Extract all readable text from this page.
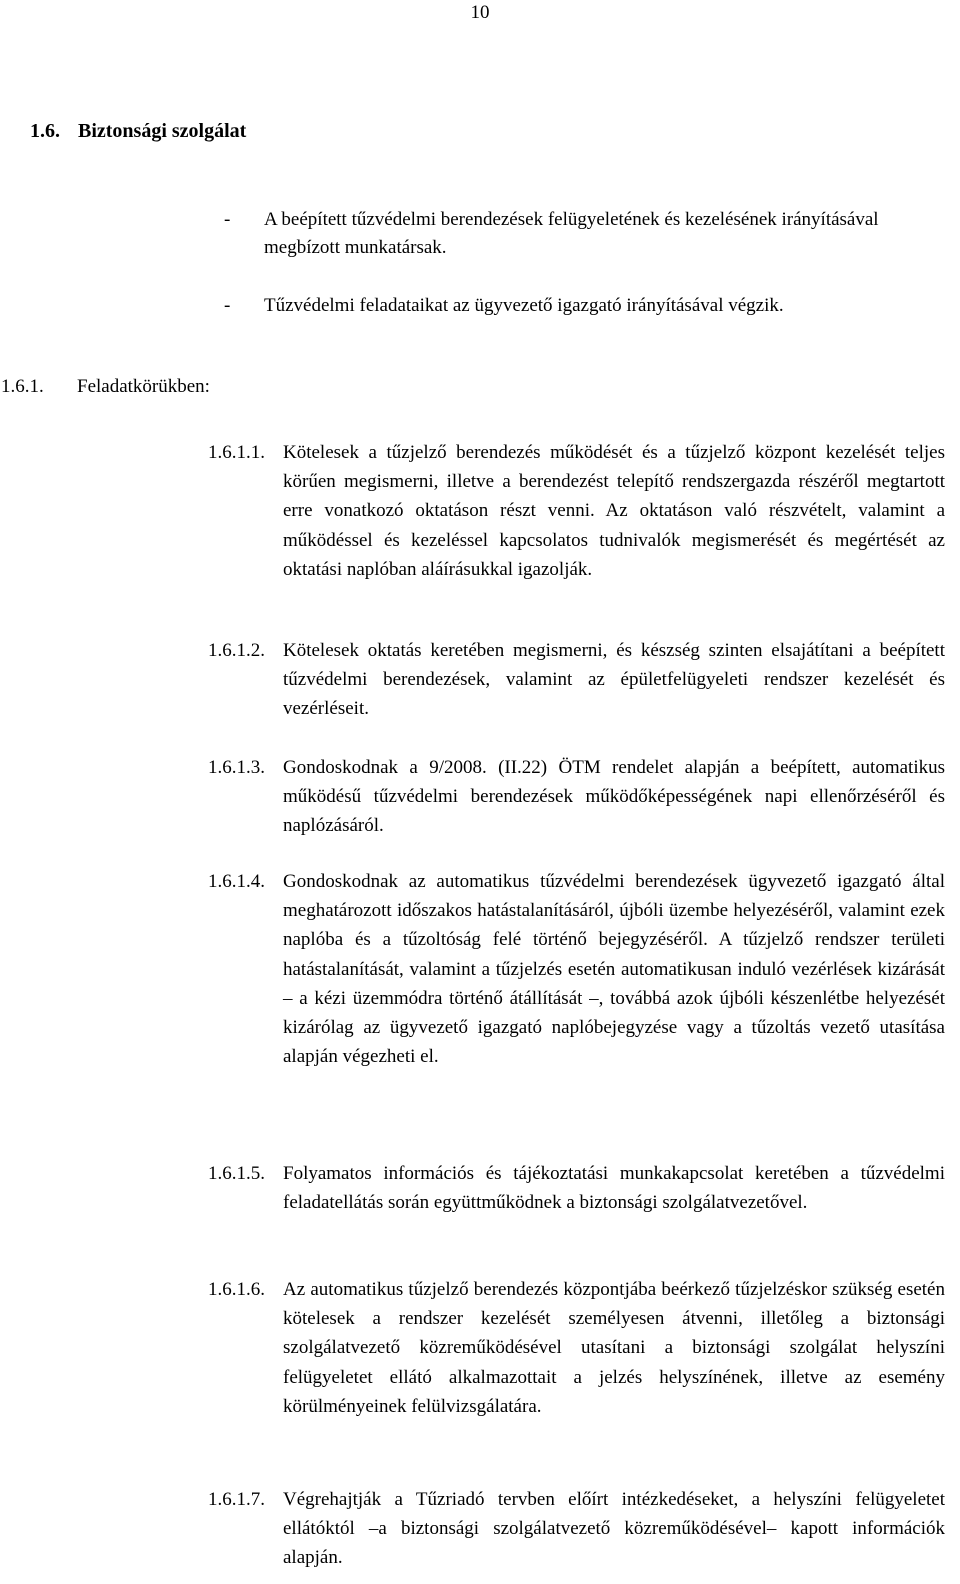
10
1.6. Biztonsági szolgálat
- A beépített tűzvédelmi berendezések felügyeletének és kezelésének irányításával megbízott munkatársak.
- Tűzvédelmi feladataikat az ügyvezető igazgató irányításával végzik.
1.6.1. Feladatkörükben:
1.6.1.1. Kötelesek a tűzjelző berendezés működését és a tűzjelző központ kezelését teljes körűen megismerni, illetve a berendezést telepítő rendszergazda részéről megtartott erre vonatkozó oktatáson részt venni. Az oktatáson való részvételt, valamint a működéssel és kezeléssel kapcsolatos tudnivalók megismerését és megértését az oktatási naplóban aláírásukkal igazolják.
1.6.1.2. Kötelesek oktatás keretében megismerni, és készség szinten elsajátítani a beépített tűzvédelmi berendezések, valamint az épületfelügyeleti rendszer kezelését és vezérléseit.
1.6.1.3. Gondoskodnak a 9/2008. (II.22) ÖTM rendelet alapján a beépített, automatikus működésű tűzvédelmi berendezések működőképességének napi ellenőrzéséről és naplózásáról.
1.6.1.4. Gondoskodnak az automatikus tűzvédelmi berendezések ügyvezető igazgató által meghatározott időszakos hatástalanításáról, újbóli üzembe helyezéséről, valamint ezek naplóba és a tűzoltóság felé történő bejegyzéséről. A tűzjelző rendszer területi hatástalanítását, valamint a tűzjelzés esetén automatikusan induló vezérlések kizárását – a kézi üzemmódra történő átállítását –, továbbá azok újbóli készenlétbe helyezését kizárólag az ügyvezető igazgató naplóbejegyzése vagy a tűzoltás vezető utasítása alapján végezheti el.
1.6.1.5. Folyamatos információs és tájékoztatási munkakapcsolat keretében a tűzvédelmi feladatellátás során együttműködnek a biztonsági szolgálatvezetővel.
1.6.1.6. Az automatikus tűzjelző berendezés központjába beérkező tűzjelzéskor szükség esetén kötelesek a rendszer kezelését személyesen átvenni, illetőleg a biztonsági szolgálatvezető közreműködésével utasítani a biztonsági szolgálat helyszíni felügyeletet ellátó alkalmazottait a jelzés helyszínének, illetve az esemény körülményeinek felülvizsgálatára.
1.6.1.7. Végrehajtják a Tűzriadó tervben előírt intézkedéseket, a helyszíni felügyeletet ellátóktól –a biztonsági szolgálatvezető közreműködésével– kapott információk alapján.
